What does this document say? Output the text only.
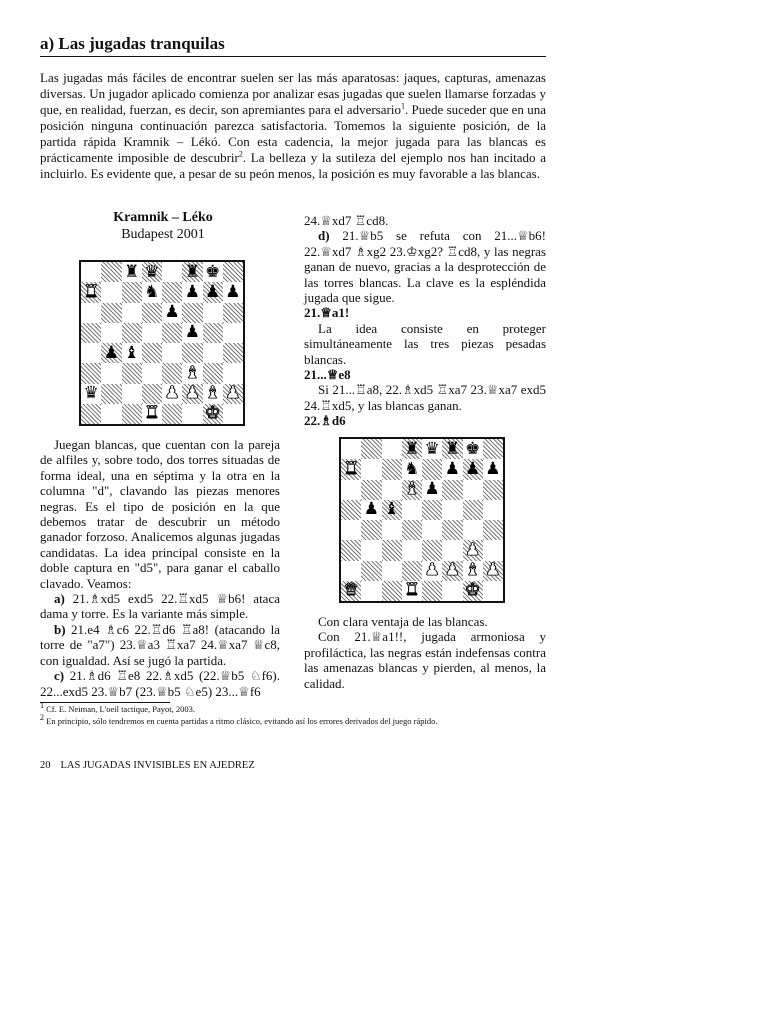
a) Las jugadas tranquilas

Las jugadas más fáciles de encontrar suelen ser las más aparatosas: jaques, capturas, amenazas diversas. Un jugador aplicado comienza por analizar esas jugadas que suelen llamarse forzadas y que, en realidad, fuerzan, es decir, son apremiantes para el adversario$^1$. Puede suceder que en una posición ninguna continuación parezca satisfactoria. Tomemos la siguiente posición, de la partida rápida Kramnik – Lékó. Con esta cadencia, la mejor jugada para las blancas es prácticamente imposible de descubrir$^2$. La belleza y la sutileza del ejemplo nos han incitado a incluirlo. Es evidente que, a pesar de su peón menos, la posición es muy favorable a las blancas.

Kramnik – Léko
Budapest 2001
♜ ♛ ♜ ♚
♜	♞ ♟ ♟ ♟
♟
♟
♟ ♝
♝
♛	♟ ♟ ♝ ♟
♜	♚

Juegan blancas, que cuentan con la pareja de alfiles y, sobre todo, dos torres situadas de forma ideal, una en séptima y la otra en la columna "d", clavando las piezas menores negras. Es el tipo de posición en la que debemos tratar de descubrir un método ganador forzoso. Analicemos algunas jugadas candidatas. La idea principal consiste en la doble captura en "d5", para ganar el caballo clavado. Veamos:

a) 21.♗xd5 exd5 22.♖xd5 ♕b6! ataca dama y torre. Es la variante más simple.

b) 21.e4 ♗c6 22.♖d6 ♖a8! (atacando la torre de "a7") 23.♕a3 ♖xa7 24.♕xa7 ♕c8, con igualdad. Así se jugó la partida.

c) 21.♗d6 ♖e8 22.♗xd5 (22.♕b5 ♘f6). 22...exd5 23.♕b7 (23.♕b5 ♘e5) 23...♕f6

24.♕xd7 ♖cd8.

d) 21.♕b5 se refuta con 21...♕b6! 22.♕xd7 ♗xg2 23.♔xg2? ♖cd8, y las negras ganan de nuevo, gracias a la desprotección de las torres blancas. La clave es la espléndida jugada que sigue.

21.♕a1!

La idea consiste en proteger simultáneamente las tres piezas pesadas blancas.

21...♕e8

Si 21...♖a8, 22.♗xd5 ♖xa7 23.♕xa7 exd5 24.♖xd5, y las blancas ganan.

22.♗d6

♜ ♛ ♜ ♚
♜	♞ ♟ ♟ ♟
♝ ♟
♟ ♝
♟
♟ ♟ ♝ ♟
♛	♜	♚

Con clara ventaja de las blancas.

Con 21.♕a1!!, jugada armoniosa y profiláctica, las negras están indefensas contra las amenazas blancas y pierden, al menos, la calidad.

$^1$ Cf. E. Neiman, L'oeil tactique, Payot, 2003.
$^2$ En principio, sólo tendremos en cuenta partidas a ritmo clásico, evitando así los errores derivados del juego rápido.
20 LAS JUGADAS INVISIBLES EN AJEDREZ
